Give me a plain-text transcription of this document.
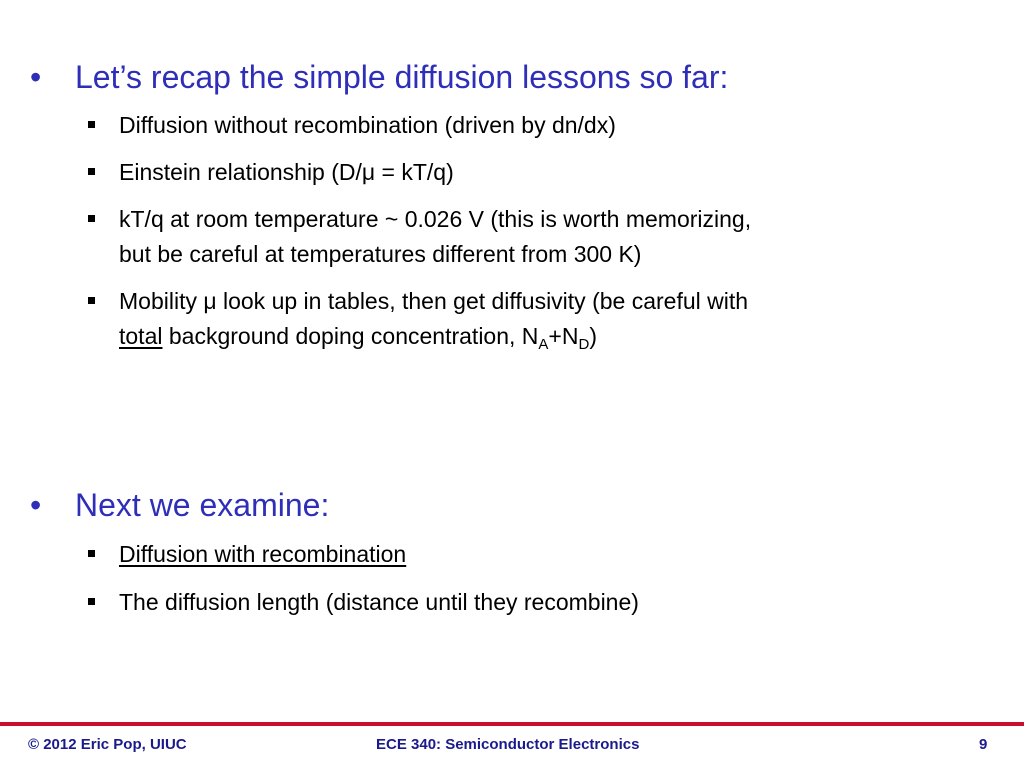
• Let’s recap the simple diffusion lessons so far:
Diffusion without recombination (driven by dn/dx)
Einstein relationship (D/μ = kT/q)
kT/q at room temperature ~ 0.026 V (this is worth memorizing,
but be careful at temperatures different from 300 K)
Mobility μ look up in tables, then get diffusivity (be careful with
total background doping concentration, $N_A+N_D$)
• Next we examine:
Diffusion with recombination
The diffusion length (distance until they recombine)
© 2012 Eric Pop, UIUC	ECE 340: Semiconductor Electronics	9
